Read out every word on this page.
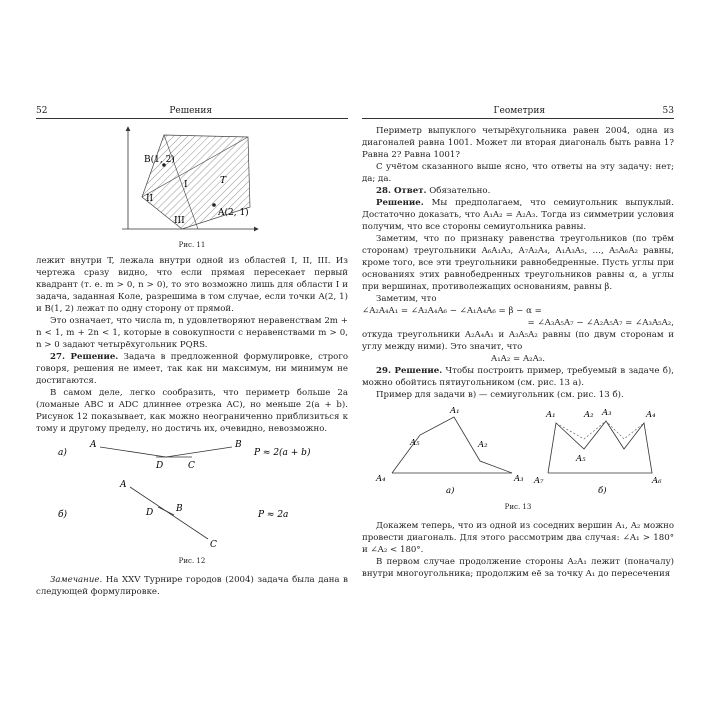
52	Решения
B(1, 2)
I
II
T
A(2, 1)
III
Рис. 11

лежит внутри T, лежала внутри одной из областей I, II, III. Из чертежа сразу видно, что если прямая пересекает первый квадрант (т. е. m > 0, n > 0), то это возможно лишь для области I и задача, заданная Коле, разрешима в том случае, если точки A(2, 1) и B(1, 2) лежат по одну сторону от прямой.

Это означает, что числа m, n удовлетворяют неравенствам 2m + n < 1, m + 2n < 1, которые в совокупности с неравенствами m > 0, n > 0 задают четырёхугольник PQRS.

27. Решение. Задача в предложенной формулировке, строго говоря, решения не имеет, так как ни максимум, ни минимум не достигаются.

В самом деле, легко сообразить, что периметр больше 2a (ломаные ABC и ADC длиннее отрезка AC), но меньше 2(a + b). Рисунок 12 показывает, как можно неограниченно приблизиться к тому и другому пределу, но достичь их, очевидно, невозможно.

а)
A	B
D	C
P ≈ 2(a + b)
б)
A
D	B
C
P ≈ 2a
Рис. 12

Замечание. На XXV Турнире городов (2004) задача была дана в следующей формулировке.

Геометрия	53

Периметр выпуклого четырёхугольника равен 2004, одна из диагоналей равна 1001. Может ли вторая диагональ быть равна 1? Равна 2? Равна 1001?

С учётом сказанного выше ясно, что ответы на эту задачу: нет; да; да.

28. Ответ. Обязательно.

Решение. Мы предполагаем, что семиугольник выпуклый. Достаточно доказать, что A₁A₂ = A₂A₃. Тогда из симметрии условия получим, что все стороны семиугольника равны.

Заметим, что по признаку равенства треугольников (по трём сторонам) треугольники A₆A₁A₃, A₇A₂A₄, A₁A₃A₅, …, A₅A₆A₂ равны, кроме того, все эти треугольники равнобедренные. Пусть углы при основаниях этих равнобедренных треугольников равны α, а углы при вершинах, противолежащих основаниям, равны β.

Заметим, что

∠A₂A₄A₁ = ∠A₂A₄A₆ − ∠A₁A₄A₆ = β − α =

= ∠A₃A₅A₇ − ∠A₂A₅A₇ = ∠A₃A₅A₂,

откуда треугольники A₂A₄A₁ и A₃A₅A₂ равны (по двум сторонам и углу между ними). Это значит, что

A₁A₂ = A₂A₃.

29. Решение. Чтобы построить пример, требуемый в задаче б), можно обойтись пятиугольником (см. рис. 13 а).

Пример для задачи в) — семиугольник (см. рис. 13 б).

A₁
A₂
A₃
A₄
A₅
а)
A₁	A₂ A₃	A₄
A₅
A₆
A₇
б)
Рис. 13

Докажем теперь, что из одной из соседних вершин A₁, A₂ можно провести диагональ. Для этого рассмотрим два случая: ∠A₁ > 180° и ∠A₂ < 180°.

В первом случае продолжение стороны A₂A₁ лежит (поначалу) внутри многоугольника; продолжим её за точку A₁ до пересечения
